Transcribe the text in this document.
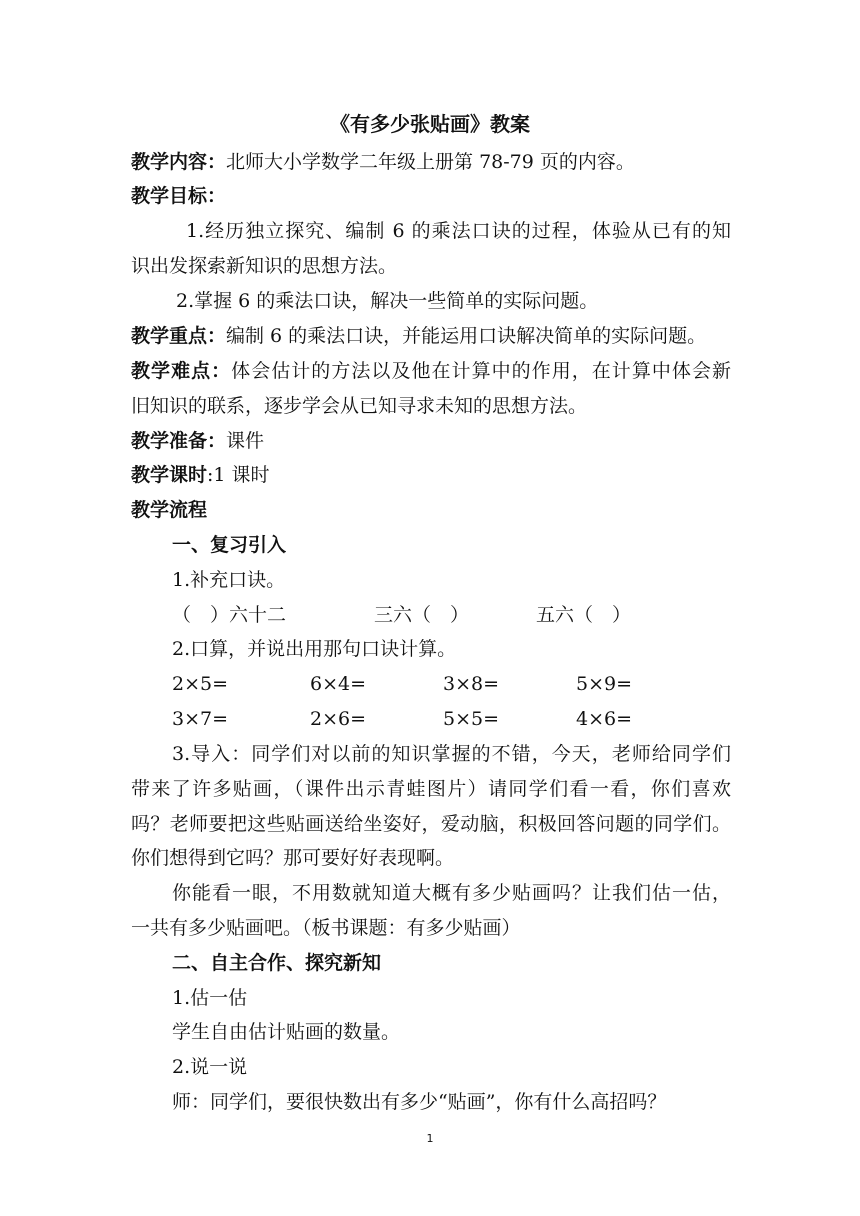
《有多少张贴画》教案
教学内容：北师大小学数学二年级上册第 78-79 页的内容。
教学目标：
1.经历独立探究、编制 6 的乘法口诀的过程，体验从已有的知
识出发探索新知识的思想方法。
2.掌握 6 的乘法口诀，解决一些简单的实际问题。
教学重点：编制 6 的乘法口诀，并能运用口诀解决简单的实际问题。
教学难点：体会估计的方法以及他在计算中的作用，在计算中体会新
旧知识的联系，逐步学会从已知寻求未知的思想方法。
教学准备：课件
教学课时:1 课时
教学流程
一、复习引入
1.补充口诀。
（　）六十二	三六（　）	五六（　）
2.口算，并说出用那句口诀计算。
2×5=	6×4=	3×8=	5×9=
3×7=	2×6=	5×5=	4×6=
3.导入：同学们对以前的知识掌握的不错，今天，老师给同学们
带来了许多贴画，（课件出示青蛙图片）请同学们看一看，你们喜欢
吗？老师要把这些贴画送给坐姿好，爱动脑，积极回答问题的同学们。
你们想得到它吗？那可要好好表现啊。
你能看一眼，不用数就知道大概有多少贴画吗？让我们估一估，
一共有多少贴画吧。（板书课题：有多少贴画）
二、自主合作、探究新知
1.估一估
学生自由估计贴画的数量。
2.说一说
师：同学们，要很快数出有多少“贴画”，你有什么高招吗？
1
